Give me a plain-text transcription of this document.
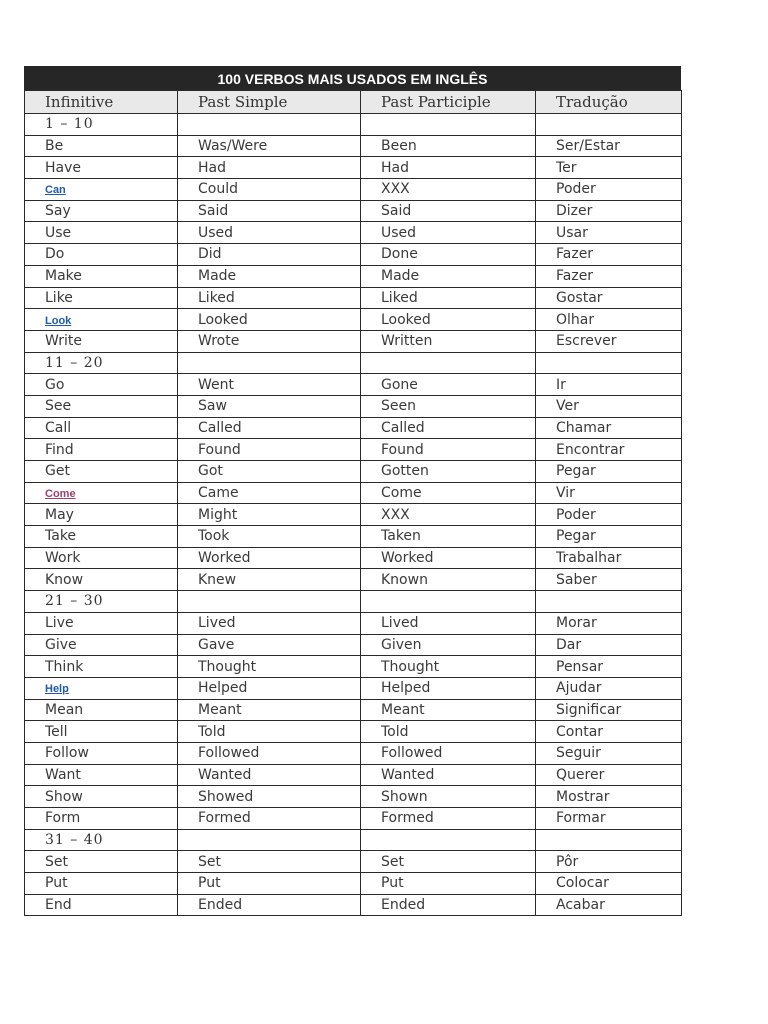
100 VERBOS MAIS USADOS EM INGLÊS
Infinitive	Past Simple	Past Participle	Tradução
1 – 10			
Be	Was/Were	Been	Ser/Estar
Have	Had	Had	Ter
Can	Could	XXX	Poder
Say	Said	Said	Dizer
Use	Used	Used	Usar
Do	Did	Done	Fazer
Make	Made	Made	Fazer
Like	Liked	Liked	Gostar
Look	Looked	Looked	Olhar
Write	Wrote	Written	Escrever
11 – 20			
Go	Went	Gone	Ir
See	Saw	Seen	Ver
Call	Called	Called	Chamar
Find	Found	Found	Encontrar
Get	Got	Gotten	Pegar
Come	Came	Come	Vir
May	Might	XXX	Poder
Take	Took	Taken	Pegar
Work	Worked	Worked	Trabalhar
Know	Knew	Known	Saber
21 – 30			
Live	Lived	Lived	Morar
Give	Gave	Given	Dar
Think	Thought	Thought	Pensar
Help	Helped	Helped	Ajudar
Mean	Meant	Meant	Significar
Tell	Told	Told	Contar
Follow	Followed	Followed	Seguir
Want	Wanted	Wanted	Querer
Show	Showed	Shown	Mostrar
Form	Formed	Formed	Formar
31 – 40			
Set	Set	Set	Pôr
Put	Put	Put	Colocar
End	Ended	Ended	Acabar
